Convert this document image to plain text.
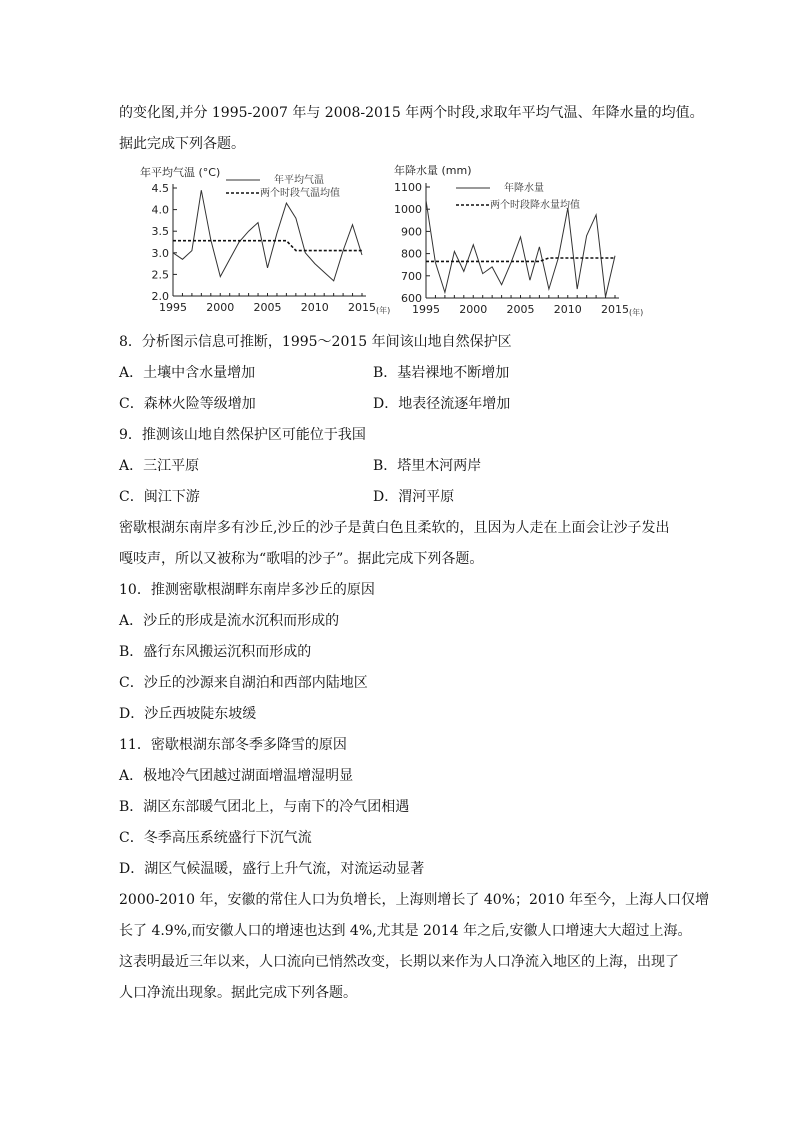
的变化图,并分 1995-2007 年与 2008-2015 年两个时段,求取年平均气温、年降水量的均值。
据此完成下列各题。
年平均气温 (°C)
4.5
4.0
3.5
3.0
2.5
2.0
1995 2000 2005 2010 2015 (年)
年平均气温
两个时段气温均值
年降水量 (mm)
1100
1000
900
800
700
600
1995 2000 2005 2010 2015 (年)
年降水量
两个时段降水量均值
8．分析图示信息可推断，1995～2015 年间该山地自然保护区
A．土壤中含水量增加	B．基岩裸地不断增加
C．森林火险等级增加	D．地表径流逐年增加
9．推测该山地自然保护区可能位于我国
A．三江平原	B．塔里木河两岸
C．闽江下游	D．渭河平原
密歇根湖东南岸多有沙丘,沙丘的沙子是黄白色且柔软的，且因为人走在上面会让沙子发出
嘎吱声，所以又被称为“歌唱的沙子”。据此完成下列各题。
10．推测密歇根湖畔东南岸多沙丘的原因
A．沙丘的形成是流水沉积而形成的
B．盛行东风搬运沉积而形成的
C．沙丘的沙源来自湖泊和西部内陆地区
D．沙丘西坡陡东坡缓
11．密歇根湖东部冬季多降雪的原因
A．极地冷气团越过湖面增温增湿明显
B．湖区东部暖气团北上，与南下的冷气团相遇
C．冬季高压系统盛行下沉气流
D．湖区气候温暖，盛行上升气流，对流运动显著
2000-2010 年，安徽的常住人口为负增长，上海则增长了 40%；2010 年至今，上海人口仅增
长了 4.9%,而安徽人口的增速也达到 4%,尤其是 2014 年之后,安徽人口增速大大超过上海。
这表明最近三年以来，人口流向已悄然改变，长期以来作为人口净流入地区的上海，出现了
人口净流出现象。据此完成下列各题。
